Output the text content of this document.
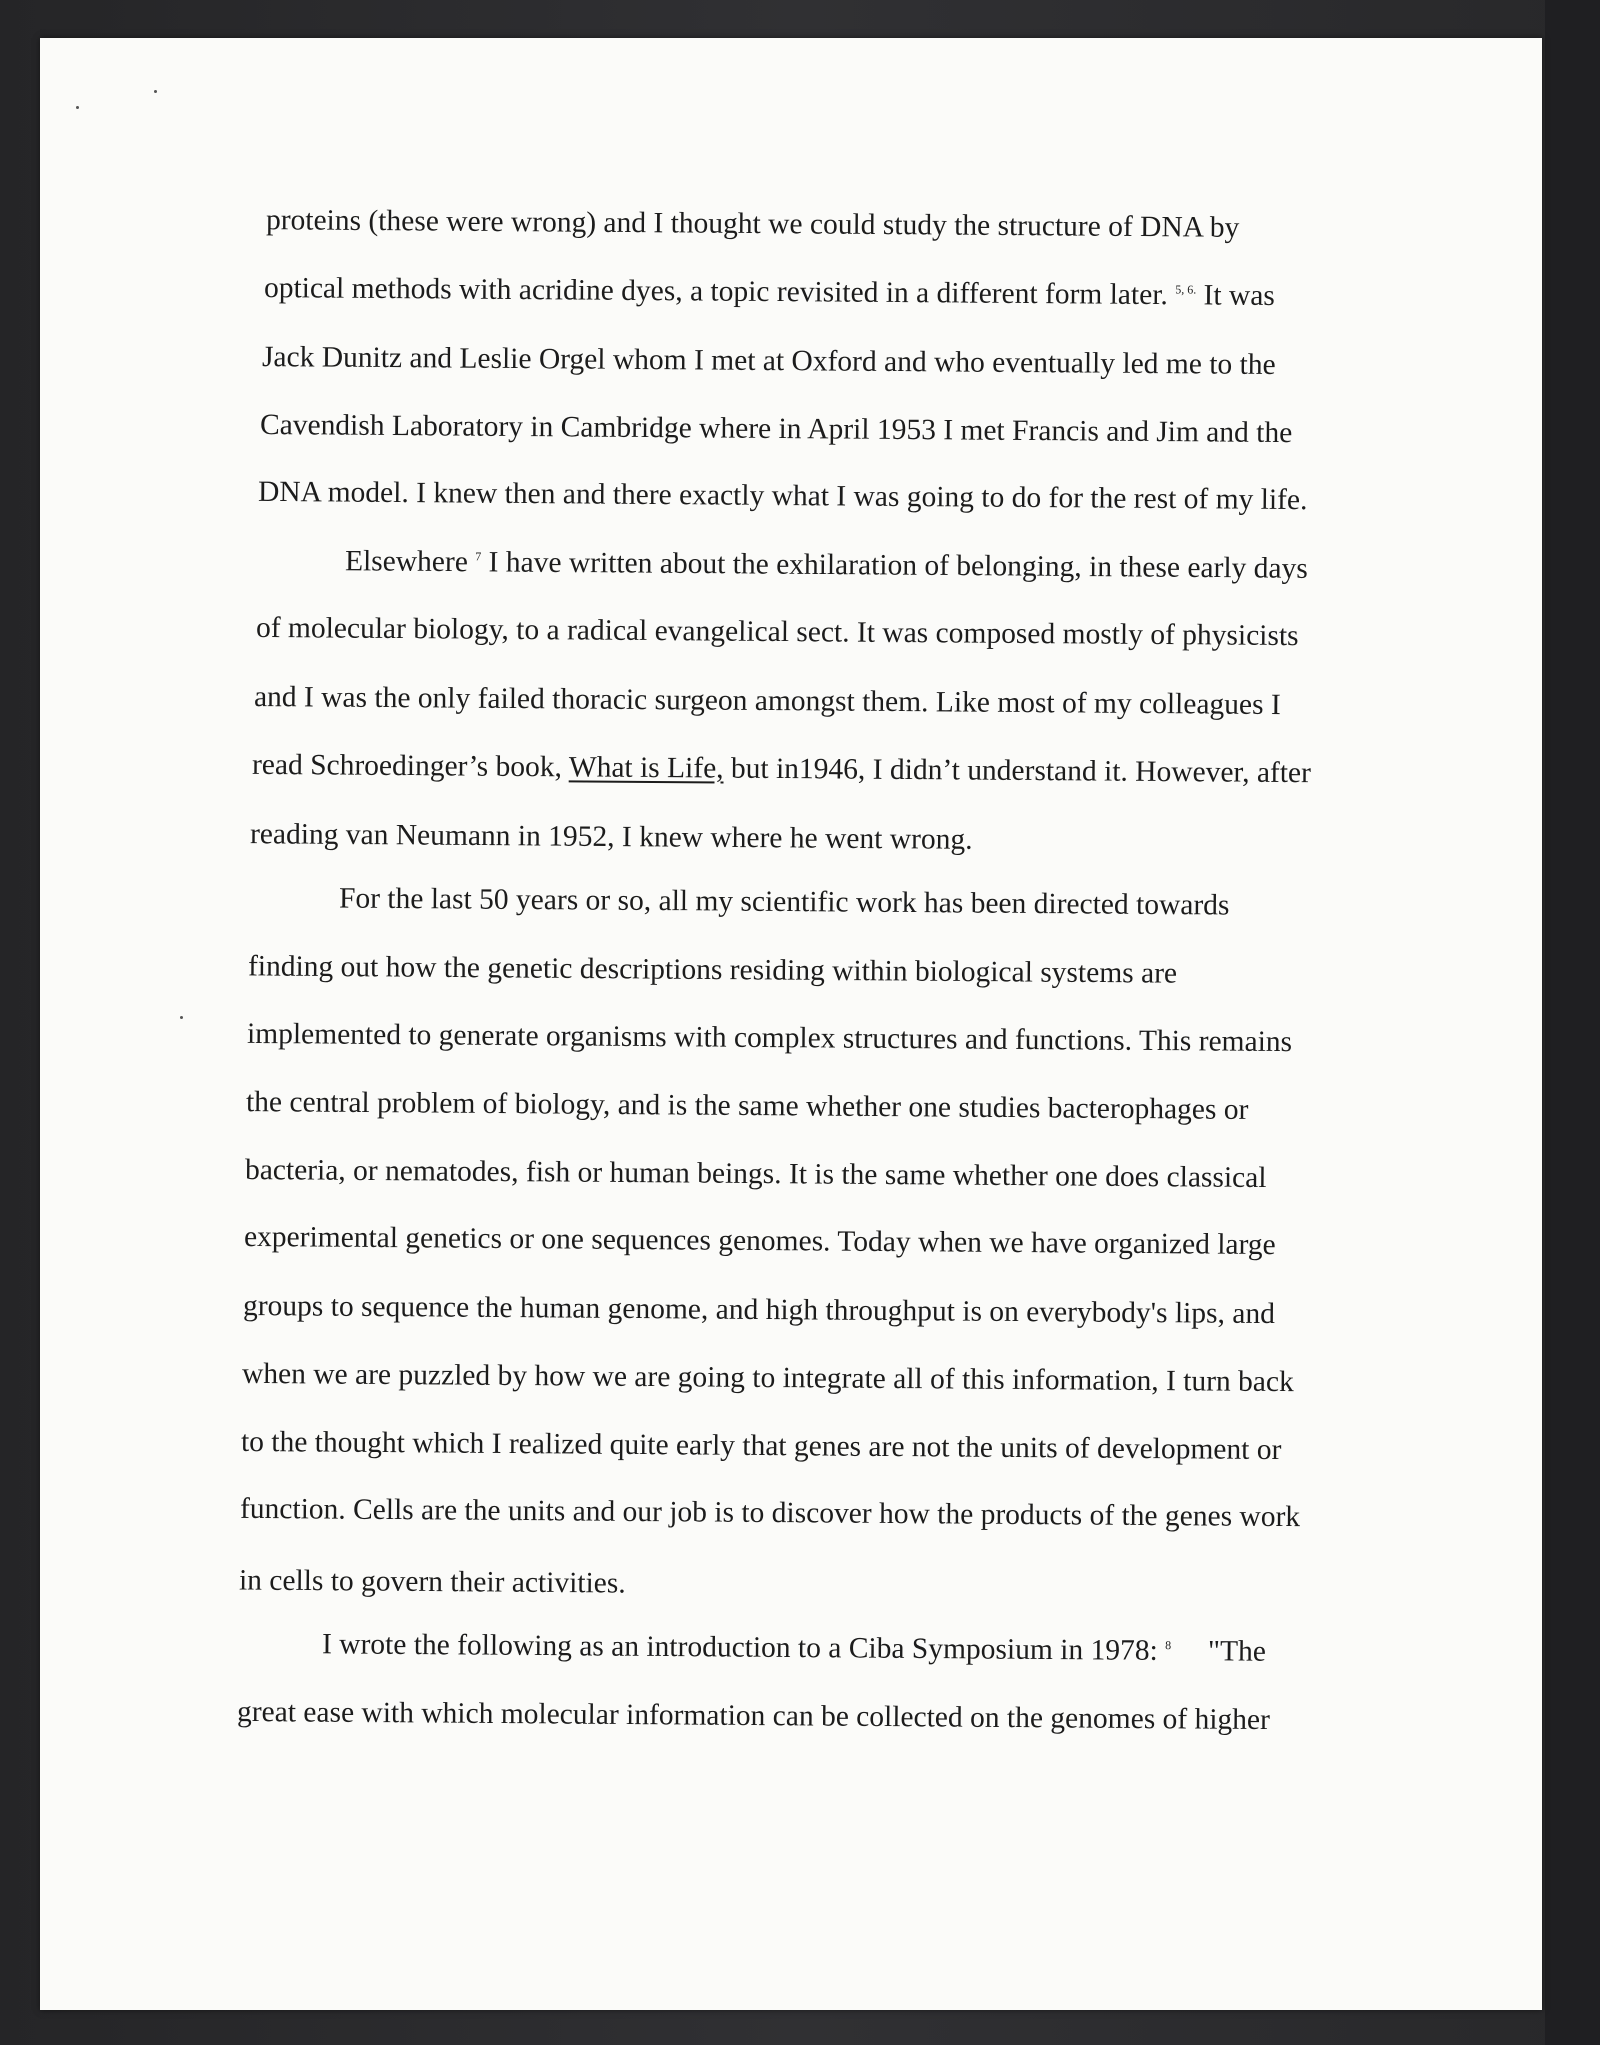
proteins (these were wrong) and I thought we could study the structure of DNA by
optical methods with acridine dyes, a topic revisited in a different form later. $^{5, 6.}$ It was
Jack Dunitz and Leslie Orgel whom I met at Oxford and who eventually led me to the
Cavendish Laboratory in Cambridge where in April 1953 I met Francis and Jim and the
DNA model. I knew then and there exactly what I was going to do for the rest of my life.
Elsewhere $^7$ I have written about the exhilaration of belonging, in these early days
of molecular biology, to a radical evangelical sect. It was composed mostly of physicists
and I was the only failed thoracic surgeon amongst them. Like most of my colleagues I
read Schroedinger’s book, What is Life, but in1946, I didn’t understand it. However, after
reading van Neumann in 1952, I knew where he went wrong.
For the last 50 years or so, all my scientific work has been directed towards
finding out how the genetic descriptions residing within biological systems are
implemented to generate organisms with complex structures and functions. This remains
the central problem of biology, and is the same whether one studies bacterophages or
bacteria, or nematodes, fish or human beings. It is the same whether one does classical
experimental genetics or one sequences genomes. Today when we have organized large
groups to sequence the human genome, and high throughput is on everybody's lips, and
when we are puzzled by how we are going to integrate all of this information, I turn back
to the thought which I realized quite early that genes are not the units of development or
function. Cells are the units and our job is to discover how the products of the genes work
in cells to govern their activities.
I wrote the following as an introduction to a Ciba Symposium in 1978: $^8$     "The
great ease with which molecular information can be collected on the genomes of higher
